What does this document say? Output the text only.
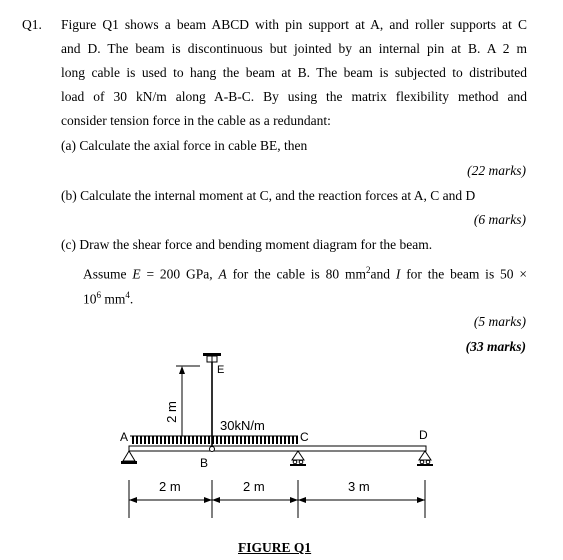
Q1. Figure Q1 shows a beam ABCD with pin support at A, and roller supports at C
and D. The beam is discontinuous but jointed by an internal pin at B. A 2 m
long cable is used to hang the beam at B. The beam is subjected to distributed
load of 30 kN/m along A-B-C. By using the matrix flexibility method and
consider tension force in the cable as a redundant:
(a) Calculate the axial force in cable BE, then
(22 marks)
(b) Calculate the internal moment at C, and the reaction forces at A, C and D
(6 marks)
(c) Draw the shear force and bending moment diagram for the beam.
Assume E = 200 GPa, A for the cable is 80 $mm^2and$ I for the beam is 50 ×
$10^6$ $mm^4$.
(5 marks)
(33 marks)
2 m
30kN/m
E
A
B
C	D
2 m	2 m	3 m
FIGURE Q1
